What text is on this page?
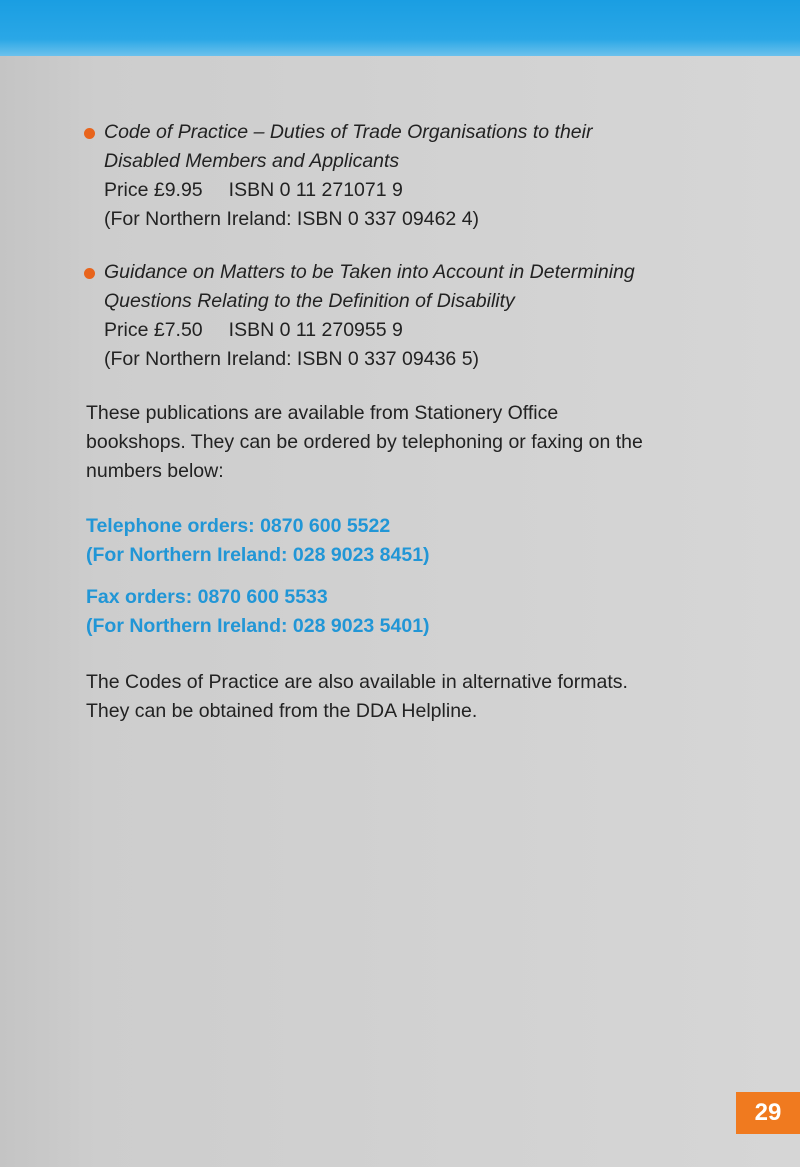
Code of Practice – Duties of Trade Organisations to their
Disabled Members and Applicants
Price £9.95 ISBN 0 11 271071 9
(For Northern Ireland: ISBN 0 337 09462 4)
Guidance on Matters to be Taken into Account in Determining
Questions Relating to the Definition of Disability
Price £7.50 ISBN 0 11 270955 9
(For Northern Ireland: ISBN 0 337 09436 5)
These publications are available from Stationery Office
bookshops. They can be ordered by telephoning or faxing on the
numbers below:
Telephone orders: 0870 600 5522
(For Northern Ireland: 028 9023 8451)
Fax orders: 0870 600 5533
(For Northern Ireland: 028 9023 5401)
The Codes of Practice are also available in alternative formats.
They can be obtained from the DDA Helpline.
29
